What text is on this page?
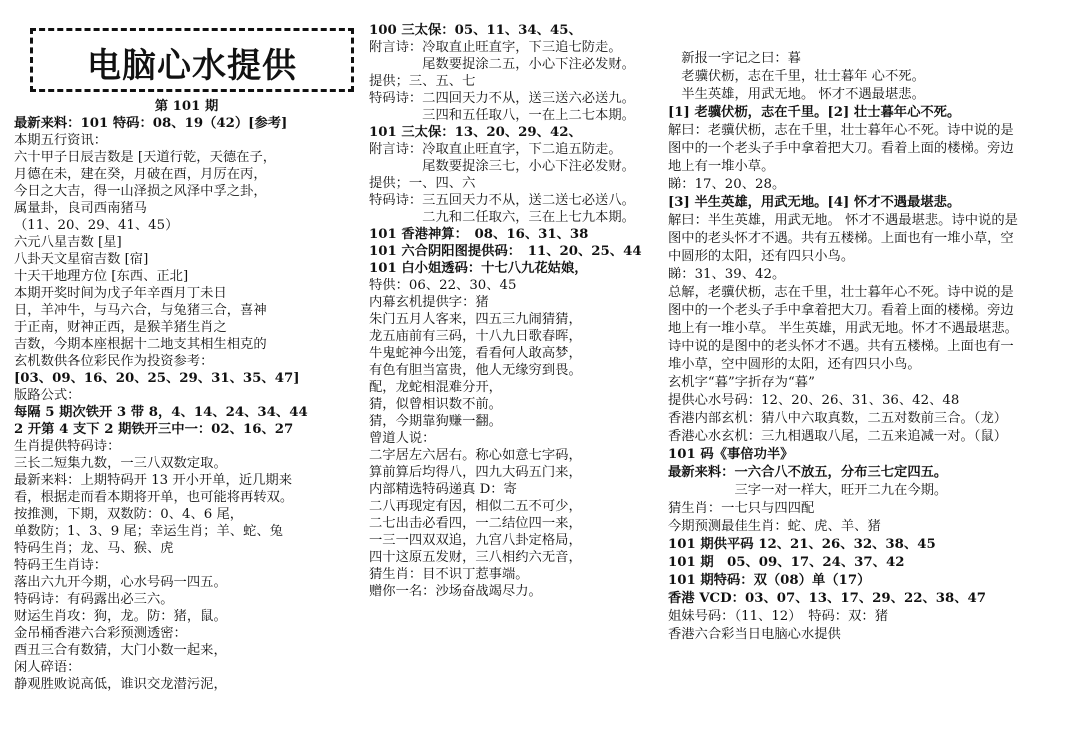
电脑心水提供
第 101 期
最新来料：101 特码：08、19（42）[参考]
本期五行资讯：
六十甲子日辰吉数是 [天道行乾，天德在子，
月德在未，建在癸，月破在酉，月厉在丙，
今日之大吉，得一山泽损之风泽中孚之卦，
属量卦，良司西南猪马
（11、20、29、41、45）
六元八星吉数 [星]
八卦天文星宿吉数 [宿]
十天干地理方位 [东西、正北]
本期开奖时间为戊子年辛酉月丁未日
日，羊冲牛，与马六合，与兔猪三合，喜神
于正南，财神正西，是猴羊猪生肖之
吉数，今期本座根据十二地支其相生相克的
玄机数供各位彩民作为投资参考：
[03、09、16、20、25、29、31、35、47]
版路公式：
每隔 5 期次铁开 3 带 8，4、14、24、34、44
2 开第 4 支下 2 期铁开三中一：02、16、27
生肖提供特码诗：
三长二短集九数，一三八双数定取。
最新来料：上期特码开 13 开小开单，近几期来
看，根据走而看本期将开单，也可能将再转双。
按推测，下期，双数防：0、4、6 尾，
单数防；1、3、9 尾；幸运生肖；羊、蛇、兔
特码生肖；龙、马、猴、虎
特码王生肖诗：
落出六九开今期，心水号码一四五。
特码诗：有码露出必三六。
财运生肖攻：狗，龙。防：猪，鼠。
金吊桶香港六合彩预测透密：
酉丑三合有数猜，大门小数一起来，
闲人碎语：
静观胜败说高低，谁识交龙潜污泥，
100 三太保：05、11、34、45、
附言诗：冷取直止旺直字，下三追七防走。
　　　　尾数要捉涂二五，小心下注必发财。
提供；三、五、七
特码诗：二四回天力不从，送三送六必送九。
　　　　三四和五任取八，一在上二七本期。
101 三太保：13、20、29、42、
附言诗：冷取直止旺直字，下二追五防走。
　　　　尾数要捉涂三七，小心下注必发财。
提供；一、四、六
特码诗：三五回天力不从，送二送七必送八。
　　　　二九和二任取六，三在上七九本期。
101 香港神算：　08、16、31、38
101 六合阴阳图提供码：　11、20、25、44
101 白小姐透码：十七八九花姑娘，
特供：06、22、30、45
内幕玄机提供字：猪
朱门五月人客来，四五三九闹猜猜，
龙五庙前有三码，十八九日歌春晖，
牛鬼蛇神今出笼，看看何人敢高梦，
有色有胆当富贵，他人无缘穷到畏。
配，龙蛇相混难分开，
猜，似曾相识数不前。
猜，今期靠狗赚一翻。
曾道人说：
二字居左六居右。称心如意七字码，
算前算后均得八，四九大码五门来，
内部精选特码递真 D：寄
二八再现定有因，相似二五不可少，
二七出击必看四，一二结位四一来，
一三一四双双追，九宫八卦定格局，
四十这原五发财，三八相约六无音，
猜生肖：目不识丁惹事端。
赠你一名：沙场奋战竭尽力。
　新报一字记之曰：暮
　老骥伏枥，志在千里，壮士暮年 心不死。
　半生英雄，用武无地。 怀才不遇最堪悲。
[1] 老骥伏枥，志在千里。[2] 壮士暮年心不死。
解曰：老骥伏枥，志在千里，壮士暮年心不死。诗中说的是
图中的一个老头子手中拿着把大刀。看着上面的楼梯。旁边
地上有一堆小草。
睇：17、20、28。
[3] 半生英雄，用武无地。[4] 怀才不遇最堪悲。
解曰：半生英雄，用武无地。 怀才不遇最堪悲。诗中说的是
图中的老头怀才不遇。共有五楼梯。上面也有一堆小草，空
中圆形的太阳，还有四只小鸟。
睇：31、39、42。
总解，老骥伏枥，志在千里，壮士暮年心不死。诗中说的是
图中的一个老头子手中拿着把大刀。看着上面的楼梯。旁边
地上有一堆小草。 半生英雄，用武无地。怀才不遇最堪悲。
诗中说的是图中的老头怀才不遇。共有五楼梯。上面也有一
堆小草，空中圆形的太阳，还有四只小鸟。
玄机字“暮”字折存为“暮”
提供心水号码：12、20、26、31、36、42、48
香港内部玄机：猜八中六取真数，二五对数前三合。（龙）
香港心水玄机：三九相遇取八尾，二五来追减一对。（鼠）
101 码《事倍功半》
最新来料：一六合八不放五，分布三七定四五。
　　　　　三字一对一样大，旺开二九在今期。
猜生肖：一七只与四四配
今期预测最佳生肖：蛇、虎、羊、猪
101 期供平码 12、21、26、32、38、45
101 期　05、09、17、24、37、42
101 期特码：双（08）单（17）
香港 VCD：03、07、13、17、29、22、38、47
姐妹号码：（11、12）　特码：双：猪
香港六合彩当日电脑心水提供
